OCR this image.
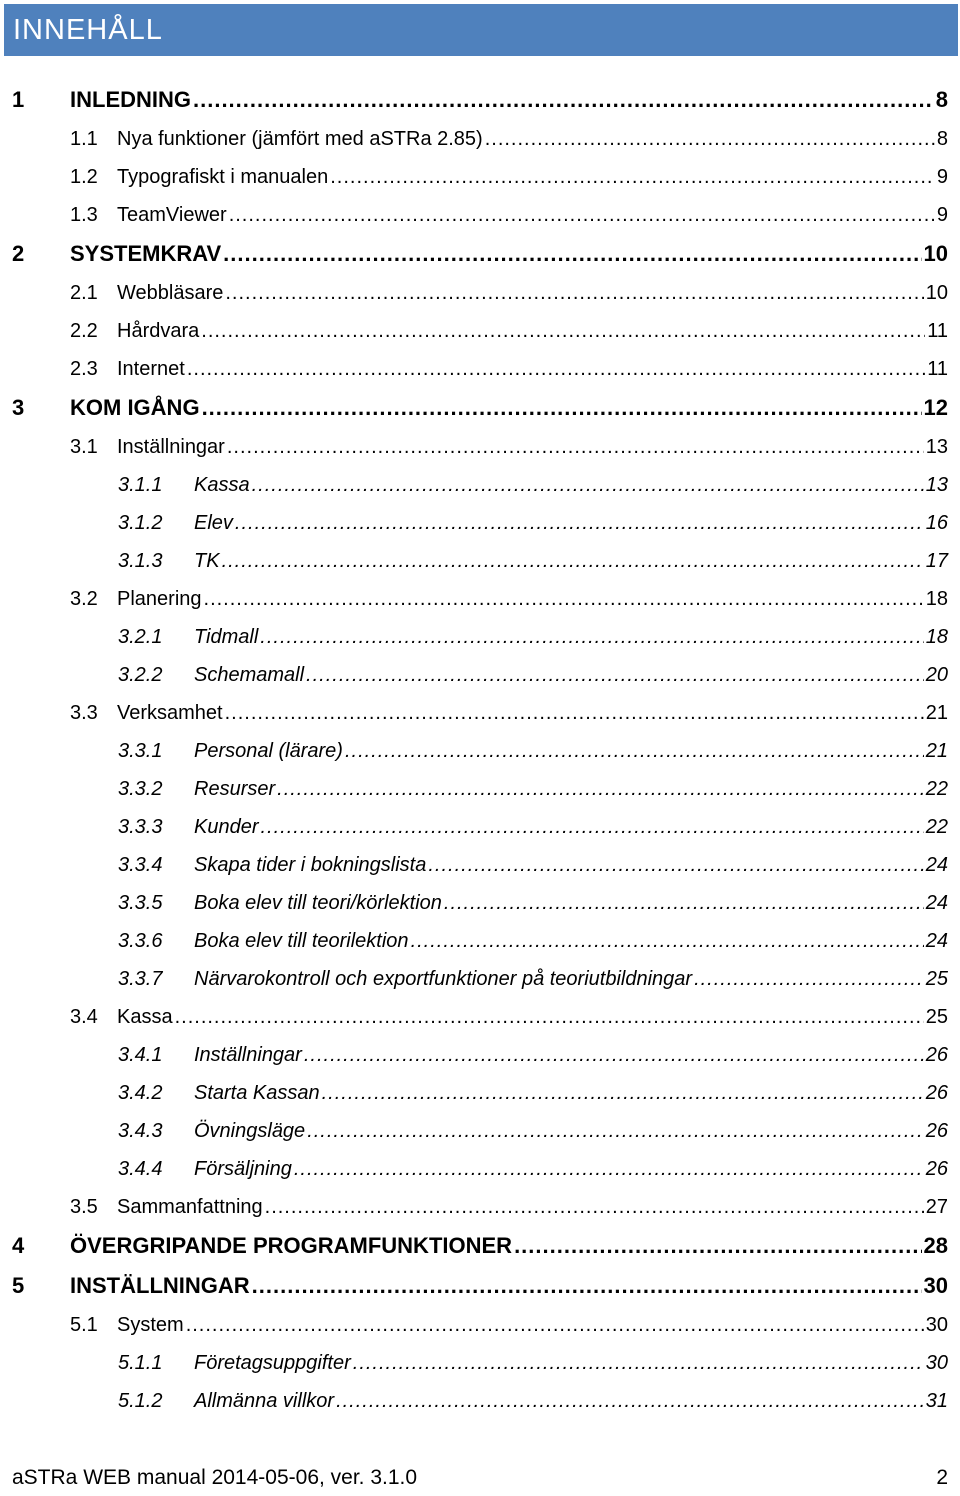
INNEHÅLL
1	INLEDNING .....	8
1.1 Nya funktioner (jämfört med aSTRa 2.85) .....	8
1.2 Typografiskt i manualen .....	9
1.3 TeamViewer .....	9
2	SYSTEMKRAV .....	10
2.1 Webbläsare .....	10
2.2 Hårdvara .....	11
2.3 Internet .....	11
3	KOM IGÅNG .....	12
3.1 Inställningar .....	13
3.1.1	Kassa .....	13
3.1.2	Elev .....	16
3.1.3	TK .....	17
3.2 Planering .....	18
3.2.1	Tidmall .....	18
3.2.2	Schemamall .....	20
3.3 Verksamhet .....	21
3.3.1	Personal (lärare) .....	21
3.3.2	Resurser .....	22
3.3.3	Kunder .....	22
3.3.4	Skapa tider i bokningslista .....	24
3.3.5	Boka elev till teori/körlektion .....	24
3.3.6	Boka elev till teorilektion .....	24
3.3.7	Närvarokontroll och exportfunktioner på teoriutbildningar .....	25
3.4 Kassa .....	25
3.4.1	Inställningar .....	26
3.4.2	Starta Kassan .....	26
3.4.3	Övningsläge .....	26
3.4.4	Försäljning .....	26
3.5 Sammanfattning .....	27
4	ÖVERGRIPANDE PROGRAMFUNKTIONER .....	28
5	INSTÄLLNINGAR .....	30
5.1 System .....	30
5.1.1	Företagsuppgifter .....	30
5.1.2	Allmänna villkor .....	31
aSTRa WEB manual 2014-05-06, ver. 3.1.0	2
